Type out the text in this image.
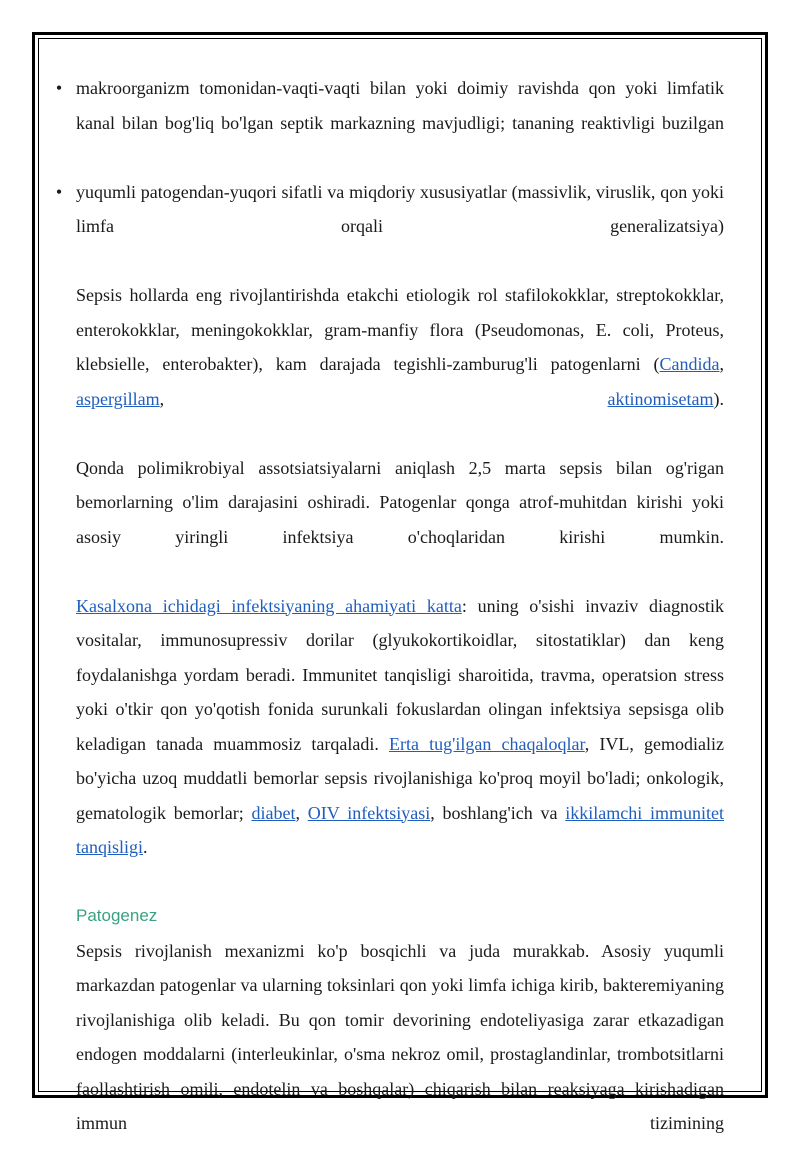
• makroorganizm tomonidan-vaqti-vaqti bilan yoki doimiy ravishda qon yoki limfatik kanal bilan bog'liq bo'lgan septik markazning mavjudligi; tananing reaktivligi buzilgan

• yuqumli patogendan-yuqori sifatli va miqdoriy xususiyatlar (massivlik, viruslik, qon yoki limfa orqali generalizatsiya)

Sepsis hollarda eng rivojlantirishda etakchi etiologik rol stafilokokklar, streptokokklar, enterokokklar, meningokokklar, gram-manfiy flora (Pseudomonas, E. coli, Proteus, klebsielle, enterobakter), kam darajada tegishli-zamburug'li patogenlarni (Candida, aspergillam, aktinomisetam).

Qonda polimikrobiyal assotsiatsiyalarni aniqlash 2,5 marta sepsis bilan og'rigan bemorlarning o'lim darajasini oshiradi. Patogenlar qonga atrof-muhitdan kirishi yoki asosiy yiringli infektsiya o'choqlaridan kirishi mumkin.

Kasalxona ichidagi infektsiyaning ahamiyati katta: uning o'sishi invaziv diagnostik vositalar, immunosupressiv dorilar (glyukokortikoidlar, sitostatiklar) dan keng foydalanishga yordam beradi. Immunitet tanqisligi sharoitida, travma, operatsion stress yoki o'tkir qon yo'qotish fonida surunkali fokuslardan olingan infektsiya sepsisga olib keladigan tanada muammosiz tarqaladi. Erta tug'ilgan chaqaloqlar, IVL, gemodializ bo'yicha uzoq muddatli bemorlar sepsis rivojlanishiga ko'proq moyil bo'ladi; onkologik, gematologik bemorlar; diabet, OIV infektsiyasi, boshlang'ich va ikkilamchi immunitet tanqisligi.

Patogenez

Sepsis rivojlanish mexanizmi ko'p bosqichli va juda murakkab. Asosiy yuqumli markazdan patogenlar va ularning toksinlari qon yoki limfa ichiga kirib, bakteremiyaning rivojlanishiga olib keladi. Bu qon tomir devorining endoteliyasiga zarar etkazadigan endogen moddalarni (interleukinlar, o'sma nekroz omil, prostaglandinlar, trombotsitlarni faollashtirish omili, endotelin va boshqalar) chiqarish bilan reaksiyaga kirishadigan immun tizimining
